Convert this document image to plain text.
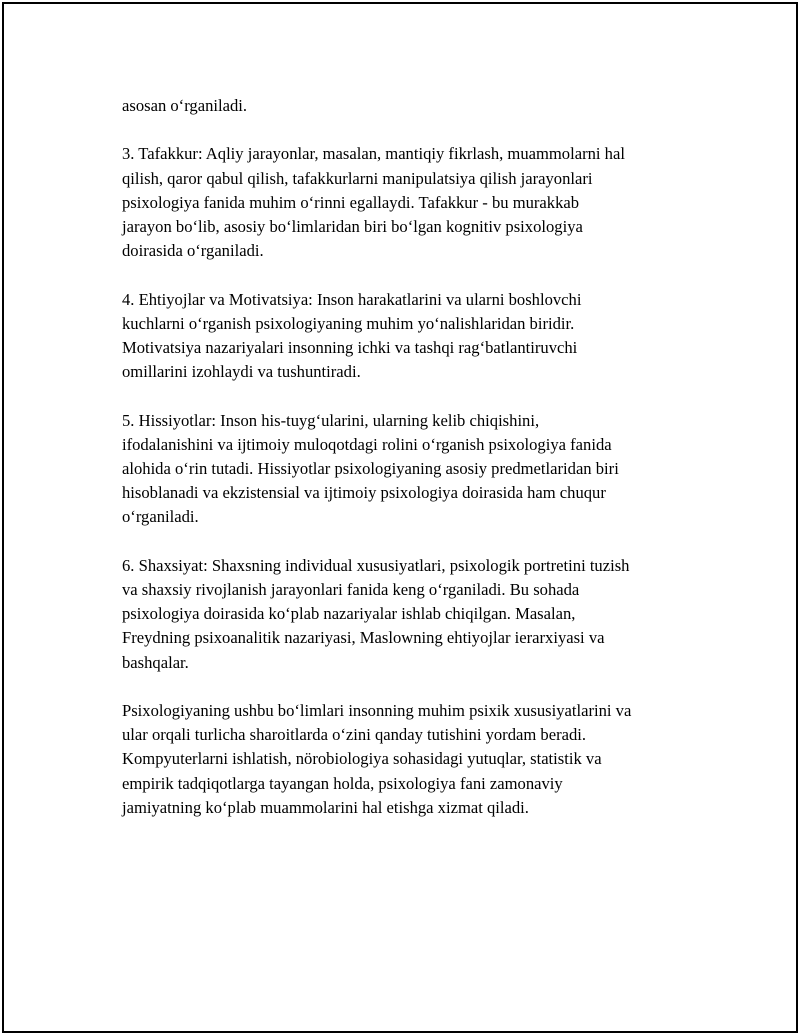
asosan o‘rganiladi.

3. Tafakkur: Aqliy jarayonlar, masalan, mantiqiy fikrlash, muammolarni hal
qilish, qaror qabul qilish, tafakkurlarni manipulatsiya qilish jarayonlari
psixologiya fanida muhim o‘rinni egallaydi. Tafakkur - bu murakkab
jarayon bo‘lib, asosiy bo‘limlaridan biri bo‘lgan kognitiv psixologiya
doirasida o‘rganiladi.

4. Ehtiyojlar va Motivatsiya: Inson harakatlarini va ularni boshlovchi
kuchlarni o‘rganish psixologiyaning muhim yo‘nalishlaridan biridir.
Motivatsiya nazariyalari insonning ichki va tashqi rag‘batlantiruvchi
omillarini izohlaydi va tushuntiradi.

5. Hissiyotlar: Inson his-tuyg‘ularini, ularning kelib chiqishini,
ifodalanishini va ijtimoiy muloqotdagi rolini o‘rganish psixologiya fanida
alohida o‘rin tutadi. Hissiyotlar psixologiyaning asosiy predmetlaridan biri
hisoblanadi va ekzistensial va ijtimoiy psixologiya doirasida ham chuqur
o‘rganiladi.

6. Shaxsiyat: Shaxsning individual xususiyatlari, psixologik portretini tuzish
va shaxsiy rivojlanish jarayonlari fanida keng o‘rganiladi. Bu sohada
psixologiya doirasida ko‘plab nazariyalar ishlab chiqilgan. Masalan,
Freydning psixoanalitik nazariyasi, Maslowning ehtiyojlar ierarxiyasi va
bashqalar.

Psixologiyaning ushbu bo‘limlari insonning muhim psixik xususiyatlarini va
ular orqali turlicha sharoitlarda o‘zini qanday tutishini yordam beradi.
Kompyuterlarni ishlatish, nörobiologiya sohasidagi yutuqlar, statistik va
empirik tadqiqotlarga tayangan holda, psixologiya fani zamonaviy
jamiyatning ko‘plab muammolarini hal etishga xizmat qiladi.
